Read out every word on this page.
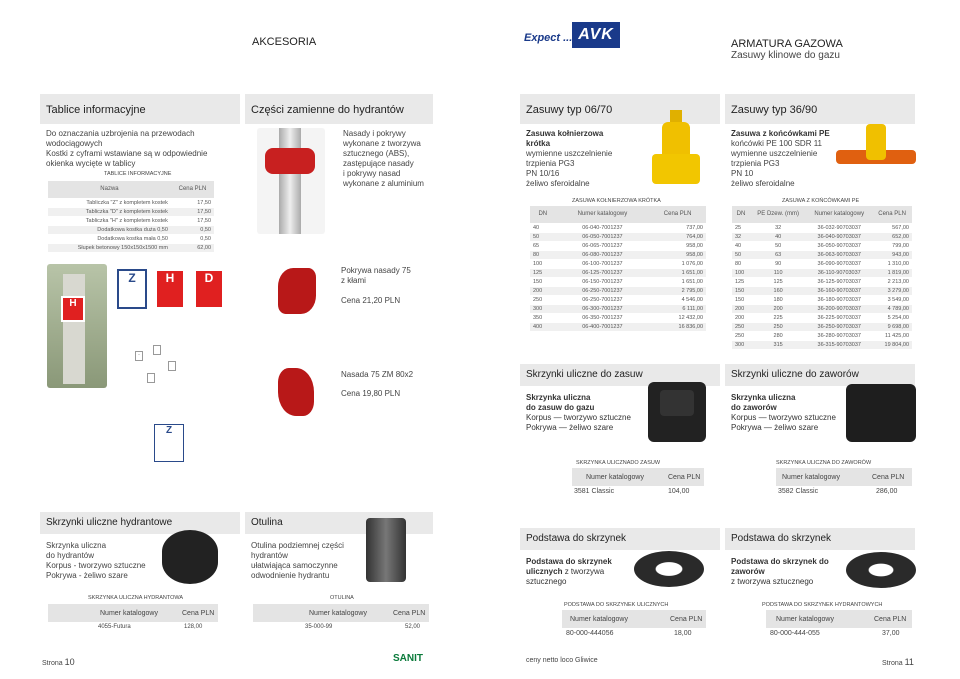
AKCESORIA	Expect ... AVK
ARMATURA GAZOWA
Zasuwy klinowe do gazu
Tablice informacyjne	Części zamienne do hydrantów	Zasuwy typ 06/70	Zasuwy typ 36/90
Do oznaczania uzbrojenia na przewodach
wodociągowych
Kostki z cyframi wstawiane są w odpowiednie
okienka wycięte w tablicy
TABLICE INFORMACYJNE
Nazwa	Cena PLN
Tabliczka "Z" z kompletem kostek	17,50
Tabliczka "D" z kompletem kostek	17,50
Tabliczka "H" z kompletem kostek	17,50
Dodatkowa kostka duża 0,50	0,50
Dodatkowa kostka mała 0,50	0,50
Słupek betonowy 150x150x1500 mm	62,00
Z	H	D
H
·
Z
Nasady i pokrywy
wykonane z tworzywa
sztucznego (ABS),
zastępujące nasady
i pokrywy nasad
wykonane z aluminium
Pokrywa nasady 75
z kłami
Cena 21,20 PLN
Nasada 75 ZM 80x2
Cena 19,80 PLN
Zasuwa kołnierzowa
krótka
wymienne uszczelnienie
trzpienia PG3
PN 10/16
żeliwo sferoidalne
ZASUWA KOŁNIERZOWA KRÓTKA
DN	Numer katalogowy	Cena PLN
40	06-040-7001237	737,00
50	06-050-7001237	764,00
65	06-065-7001237	958,00
80	06-080-7001237	958,00
100	06-100-7001237	1 076,00
125	06-125-7001237	1 651,00
150	06-150-7001237	1 651,00
200	06-250-7001237	2 795,00
250	06-250-7001237	4 546,00
300	06-300-7001237	6 111,00
350	06-350-7001237	12 432,00
400	06-400-7001237	16 836,00
Zasuwa z końcówkami PE
końcówki PE 100 SDR 11
wymienne uszczelnienie
trzpienia PG3
PN 10
żeliwo sferoidalne
ZASUWA Z KOŃCÓWKAMI PE
DN	PE Dzew. (mm)	Numer katalogowy	Cena PLN
25	32	36-032-90703037	567,00
32	40	36-040-90703037	652,00
40	50	36-050-90703037	799,00
50	63	36-063-90703037	943,00
80	90	36-090-90703037	1 310,00
100	110	36-110-90703037	1 819,00
125	125	36-125-90703037	2 213,00
150	160	36-160-90703037	3 279,00
150	180	36-180-90703037	3 549,00
200	200	36-200-90703037	4 789,00
200	225	36-225-90703037	5 254,00
250	250	36-250-90703037	9 698,00
250	280	36-280-90703037	11 425,00
300	315	36-315-90703037	19 804,00
Skrzynki uliczne do zasuw
Skrzynka uliczna
do zasuw do gazu
Korpus — tworzywo sztuczne
Pokrywa — żeliwo szare
SKRZYNKA ULICZNADO ZASUW
Numer katalogowy	Cena PLN
3581 Classic	104,00
Skrzynki uliczne do zaworów
Skrzynka uliczna
do zaworów
Korpus — tworzywo sztuczne
Pokrywa — żeliwo szare
SKRZYNKA ULICZNA DO ZAWORÓW
Numer katalogowy	Cena PLN
3582 Classic	286,00
Skrzynki uliczne hydrantowe
Skrzynka uliczna
do hydrantów
Korpus - tworzywo sztuczne
Pokrywa - żeliwo szare
SKRZYNKA ULICZNA HYDRANTOWA
Numer katalogowy	Cena PLN
4055-Futura	128,00
Otulina
Otulina podziemnej części
hydrantów
ułatwiająca samoczynne
odwodnienie hydrantu
OTULINA
Numer katalogowy	Cena PLN
35-000-99	52,00
Podstawa do skrzynek
Podstawa do skrzynek
ulicznych z tworzywa
sztucznego
PODSTAWA DO SKRZYNEK ULICZNYCH
Numer katalogowy	Cena PLN
80-000-444056	18,00
Podstawa do skrzynek
Podstawa do skrzynek do
zaworów
z tworzywa sztucznego
PODSTAWA DO SKRZYNEK HYDRANTOWYCH
Numer katalogowy	Cena PLN
80-000-444-055	37,00
Strona 10	SANIT	ceny netto loco Gliwice	Strona 11
